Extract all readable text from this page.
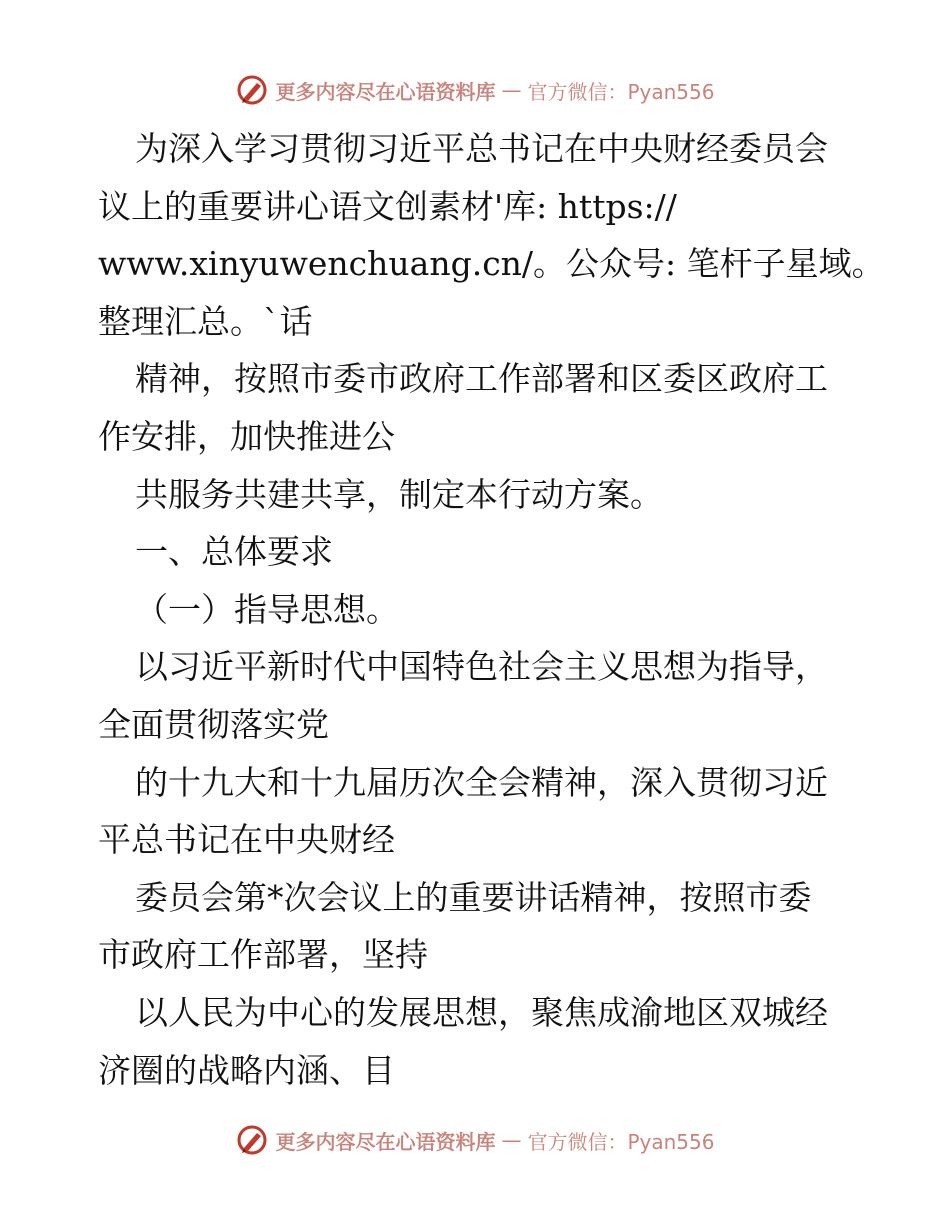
更多内容尽在心语资料库 — 官方微信：Pyan556
为深入学习贯彻习近平总书记在中央财经委员会
议上的重要讲心语文创素材'库: https://
www.xinyuwenchuang.cn/。公众号: 笔杆子星域。
整理汇总。`话
精神，按照市委市政府工作部署和区委区政府工
作安排，加快推进公
共服务共建共享，制定本行动方案。
一、总体要求
（一）指导思想。
以习近平新时代中国特色社会主义思想为指导，
全面贯彻落实党
的十九大和十九届历次全会精神，深入贯彻习近
平总书记在中央财经
委员会第*次会议上的重要讲话精神，按照市委
市政府工作部署，坚持
以人民为中心的发展思想，聚焦成渝地区双城经
济圈的战略内涵、目
更多内容尽在心语资料库 — 官方微信：Pyan556
